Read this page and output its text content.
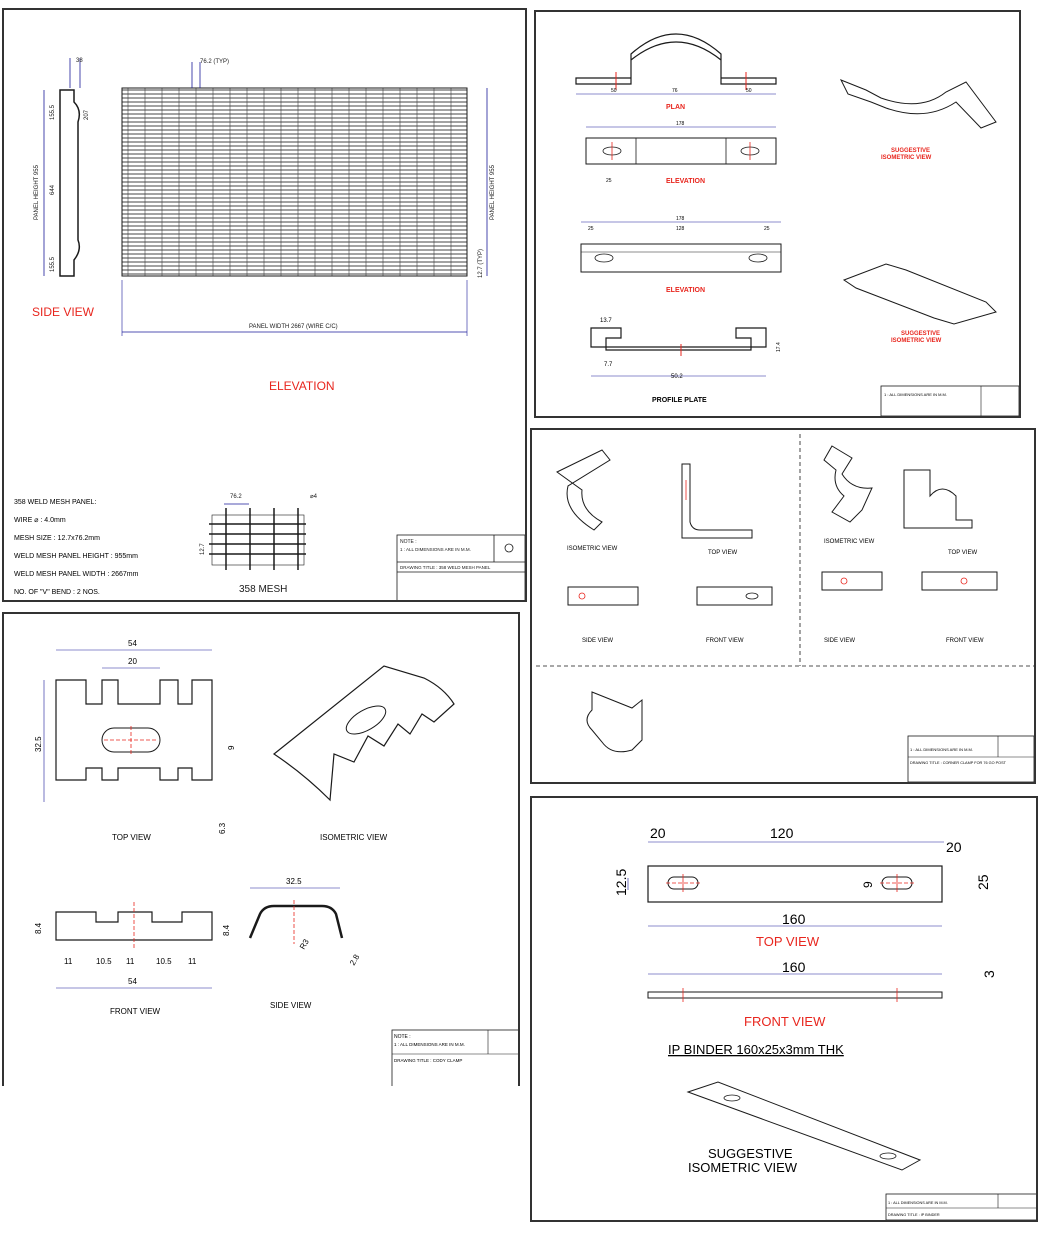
38
155.5
PANEL HEIGHT 955 644
155.5
207
SIDE VIEW
76.2 (TYP)
PANEL HEIGHT 955
12.7 (TYP)
PANEL WIDTH 2667 (WIRE C/C)
ELEVATION
358 WELD MESH PANEL:
WIRE ⌀ : 4.0mm
MESH SIZE : 12.7x76.2mm
WELD MESH PANEL HEIGHT : 955mm
WELD MESH PANEL WIDTH : 2667mm
NO. OF "V" BEND : 2 NOS.
76.2	⌀4
12.7
358 MESH
NOTE :
1 : ALL DIMENSIONS ARE IN M.M.
DRAWING TITLE : 358 WELD MESH PANEL
50	76	50
PLAN
178
25	ELEVATION
178
128
25	25
ELEVATION
13.7
7.7
50.2
17.4
PROFILE PLATE
SUGGESTIVE
ISOMETRIC VIEW
SUGGESTIVE
ISOMETRIC VIEW
1 : ALL DIMENSIONS ARE IN M.M.
ISOMETRIC VIEW
TOP VIEW
SIDE VIEW	FRONT VIEW
ISOMETRIC VIEW
TOP VIEW
SIDE VIEW	FRONT VIEW
1 : ALL DIMENSIONS ARE IN M.M.
DRAWING TITLE : CORNER CLAMP FOR 76 GO POST
54
20
32.5	9
6.3
TOP VIEW	ISOMETRIC VIEW
8.4
11	10.5 11	10.5 11
54
FRONT VIEW
32.5
8.4
R3
2.8
SIDE VIEW
NOTE :
1 : ALL DIMENSIONS ARE IN M.M.
DRAWING TITLE : CODY CLAMP
20	120
20
12.5	9	25
160
TOP VIEW
160	3
FRONT VIEW
IP BINDER 160x25x3mm THK
SUGGESTIVE
ISOMETRIC VIEW
1 : ALL DIMENSIONS ARE IN M.M.
DRAWING TITLE : IP BINDER
